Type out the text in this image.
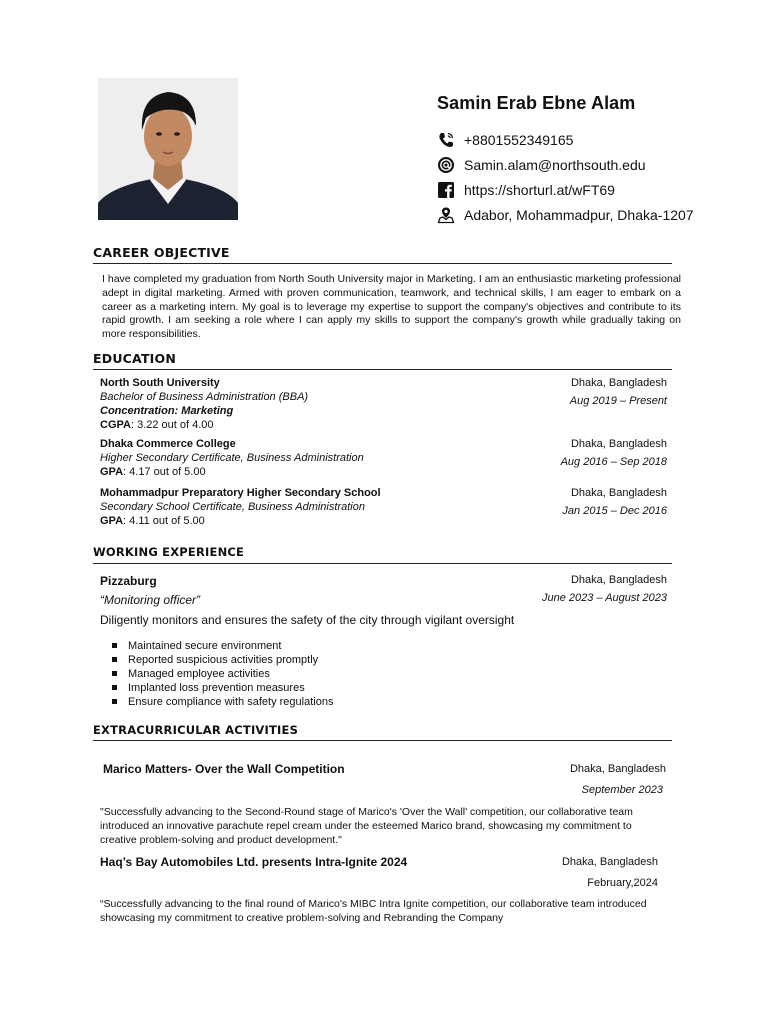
Samin Erab Ebne Alam
+8801552349165
Samin.alam@northsouth.edu
https://shorturl.at/wFT69
Adabor, Mohammadpur, Dhaka-1207
CAREER OBJECTIVE
I have completed my graduation from North South University major in Marketing. I am an enthusiastic marketing professional adept in digital marketing. Armed with proven communication, teamwork, and technical skills, I am eager to embark on a career as a marketing intern. My goal is to leverage my expertise to support the company's objectives and contribute to its rapid growth. I am seeking a role where I can apply my skills to support the company's growth while gradually taking on more responsibilities.
EDUCATION
North South University	Dhaka, Bangladesh
Bachelor of Business Administration (BBA)	Aug 2019 – Present
Concentration: Marketing
CGPA: 3.22 out of 4.00
Dhaka Commerce College	Dhaka, Bangladesh
Higher Secondary Certificate, Business Administration	Aug 2016 – Sep 2018
GPA: 4.17 out of 5.00
Mohammadpur Preparatory Higher Secondary School	Dhaka, Bangladesh
Secondary School Certificate, Business Administration	Jan 2015 – Dec 2016
GPA: 4.11 out of 5.00
WORKING EXPERIENCE
Pizzaburg	Dhaka, Bangladesh
“Monitoring officer”	June 2023 – August 2023
Diligently monitors and ensures the safety of the city through vigilant oversight
Maintained secure environment
Reported suspicious activities promptly
Managed employee activities
Implanted loss prevention measures
Ensure compliance with safety regulations
EXTRACURRICULAR ACTIVITIES
Marico Matters- Over the Wall Competition	Dhaka, Bangladesh
September 2023
"Successfully advancing to the Second-Round stage of Marico's 'Over the Wall' competition, our collaborative team introduced an innovative parachute repel cream under the esteemed Marico brand, showcasing my commitment to creative problem-solving and product development."
Haq’s Bay Automobiles Ltd. presents Intra-Ignite 2024	Dhaka, Bangladesh
February,2024
“Successfully advancing to the final round of Marico's MIBC Intra Ignite competition, our collaborative team introduced showcasing my commitment to creative problem-solving and Rebranding the Company
